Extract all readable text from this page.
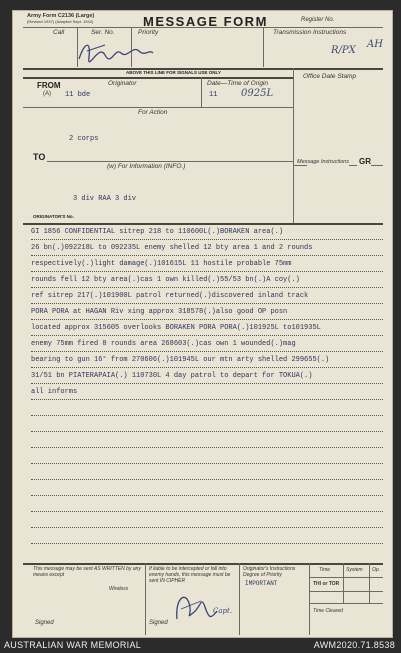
Army Form C2136 (Large)
(Revised 1937) (Adapted Sept. 1942)	MESSAGE FORM	Register No.
Call	Ser. No.	Priority	Transmission Instructions
R/PX
AH
ABOVE THIS LINE FOR SIGNALS USE ONLY
FROM
(A)
Originator
11 bde
Date—Time of Origin
11 0925L
Office Date Stamp
For Action
2 corps
TO
(w) For Information (INFO.)
3 div RAA 3 div
Message Instructions GR
ORIGINATOR'S No.
GI 1856 CONFIDENTIAL sitrep 218 to 110600L(.)BORAKEN area(.)
26 bn(.)092218L to 092235L enemy shelled 12 bty area 1 and 2 rounds
respectively(.)light damage(.)101615L 11 hostile probable 75mm
rounds fell 12 bty area(.)cas 1 own killed(.)55/53 bn(.)A coy(.)
ref sitrep 217(.)101900L patrol returned(.)discovered inland track
PORA PORA at HAGAN Riv xing approx 318578(.)also good OP posn
located approx 315605 overlooks BORAKEN PORA PORA(.)101925L to101935L
enemy 75mm fired 8 rounds area 268603(.)cas own 1 wounded(.)mag
bearing to gun 16° from 270606(.)101945L our mtn arty shelled 299655(.)
31/51 bn PIATERAPAIA(.) 110730L 4 day patrol to depart for TOKUA(.)
all informs
This message may be sent AS WRITTEN by any means except
Wireless
If liable to be intercepted or fall into enemy hands, this message must be sent IN CIPHER
Originator's Instructions Degree of Priority
IMPORTANT
Time	System Op.
THI or TOR
Time Cleared
Signed	Signed
Capt.
AUSTRALIAN WAR MEMORIAL	AWM2020.71.8538
